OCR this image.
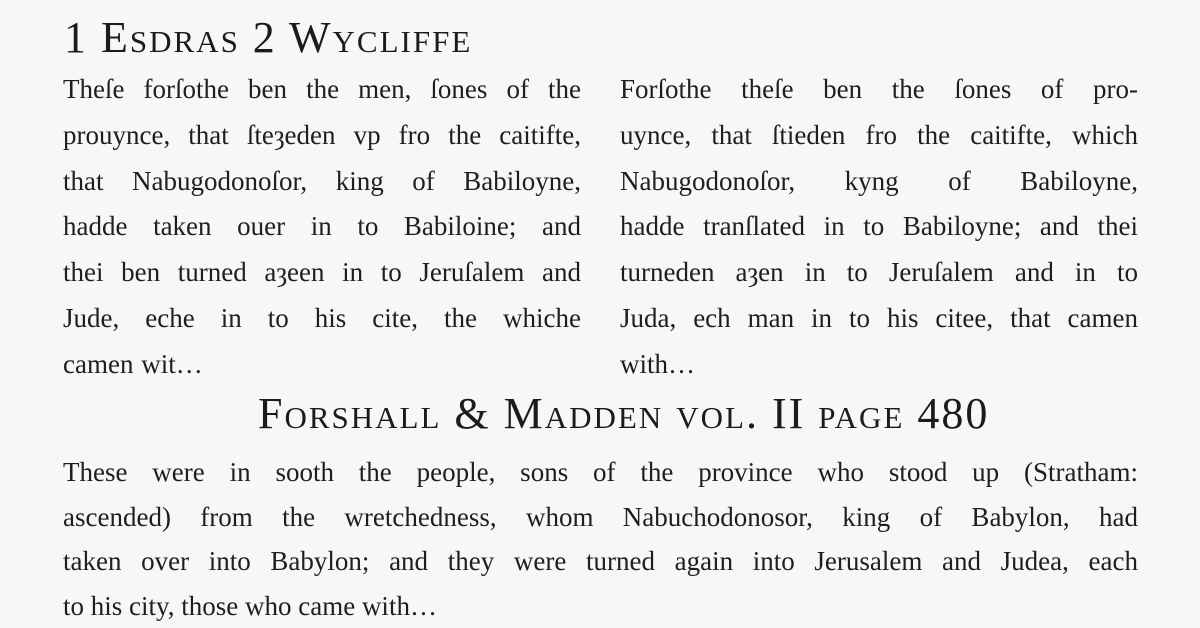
1 Esdras 2 Wycliffe
Theſe forſothe ben the men, ſones of the
prouynce, that ſteȝeden vp fro the caitifte,
that Nabugodonoſor, king of Babiloyne,
hadde taken ouer in to Babiloine; and
thei ben turned aȝeen in to Jeruſalem and
Jude, eche in to his cite, the whiche
camen wit…
Forſothe theſe ben the ſones of pro-
uynce, that ſtieden fro the caitifte, which
Nabugodonoſor, kyng of Babiloyne,
hadde tranſlated in to Babiloyne; and thei
turneden aȝen in to Jeruſalem and in to
Juda, ech man in to his citee, that camen
with…
Forshall & Madden vol. II page 480
These were in sooth the people, sons of the province who stood up (Stratham:
ascended) from the wretchedness, whom Nabuchodonosor, king of Babylon, had
taken over into Babylon; and they were turned again into Jerusalem and Judea, each
to his city, those who came with…
